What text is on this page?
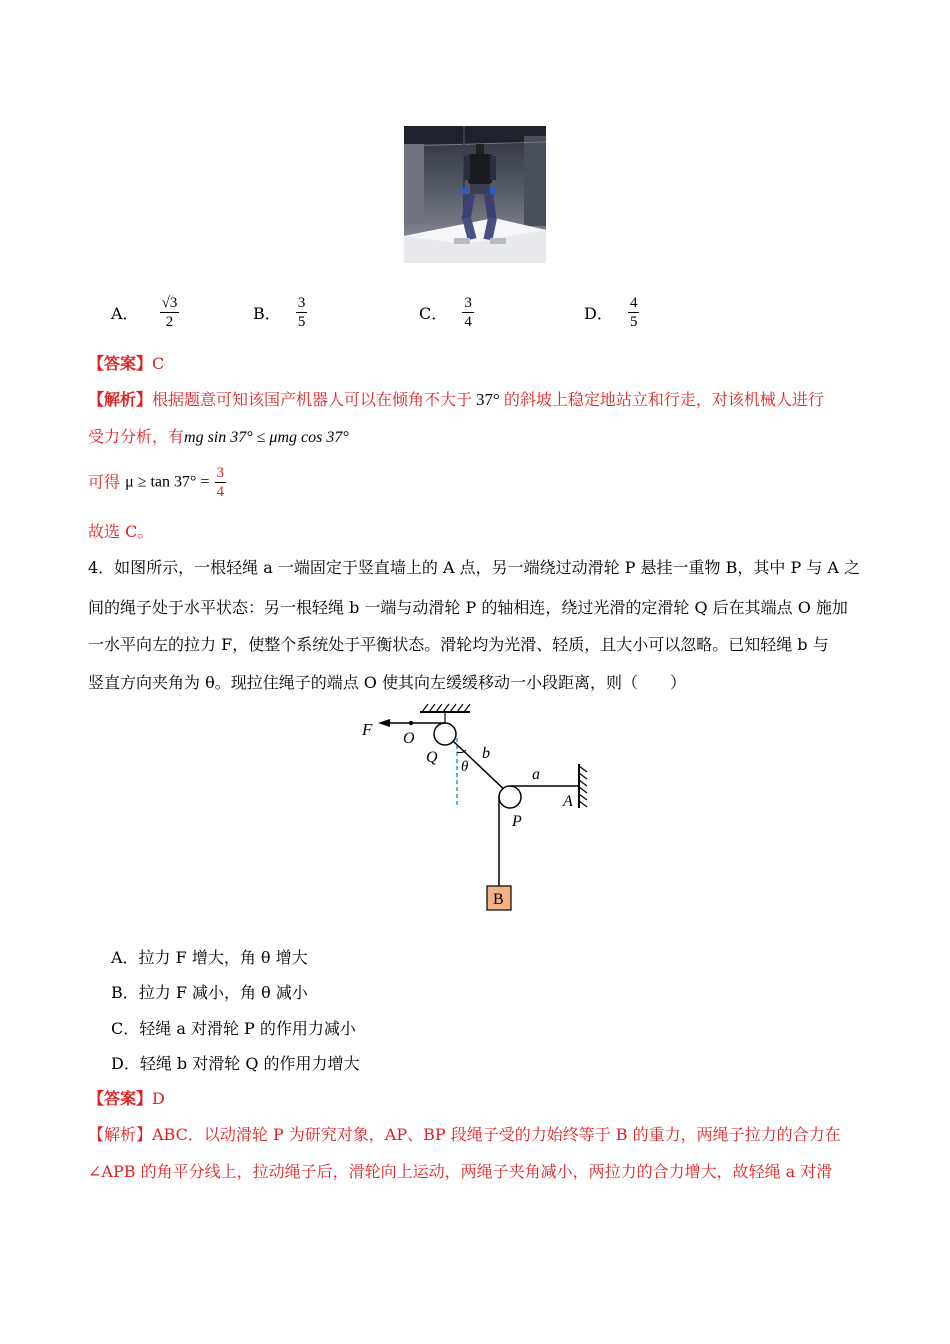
A． $\frac{√3}{2}$	B． $\frac{3}{5}$	C． $\frac{3}{4}$	D． $\frac{4}{5}$
【答案】C
【解析】根据题意可知该国产机器人可以在倾角不大于 37° 的斜坡上稳定地站立和行走，对该机械人进行
受力分析，有mg sin 37° ≤ μmg cos 37°
可得 $\mu \ge \tan 37^\circ = \frac{3}{4}$
故选 C。
4．如图所示，一根轻绳 a 一端固定于竖直墙上的 A 点，另一端绕过动滑轮 P 悬挂一重物 B，其中 P 与 A 之
间的绳子处于水平状态：另一根轻绳 b 一端与动滑轮 P 的轴相连，绕过光滑的定滑轮 Q 后在其端点 O 施加
一水平向左的拉力 F，使整个系统处于平衡状态。滑轮均为光滑、轻质，且大小可以忽略。已知轻绳 b 与
竖直方向夹角为 θ。现拉住绳子的端点 O 使其向左缓缓移动一小段距离，则（　　）
F O
Q
θ
b
a
A
P
B
A．拉力 F 增大，角 θ 增大
B．拉力 F 减小，角 θ 减小
C．轻绳 a 对滑轮 P 的作用力减小
D．轻绳 b 对滑轮 Q 的作用力增大
【答案】D
【解析】ABC．以动滑轮 P 为研究对象，AP、BP 段绳子受的力始终等于 B 的重力，两绳子拉力的合力在
∠APB 的角平分线上，拉动绳子后，滑轮向上运动，两绳子夹角减小，两拉力的合力增大，故轻绳 a 对滑
